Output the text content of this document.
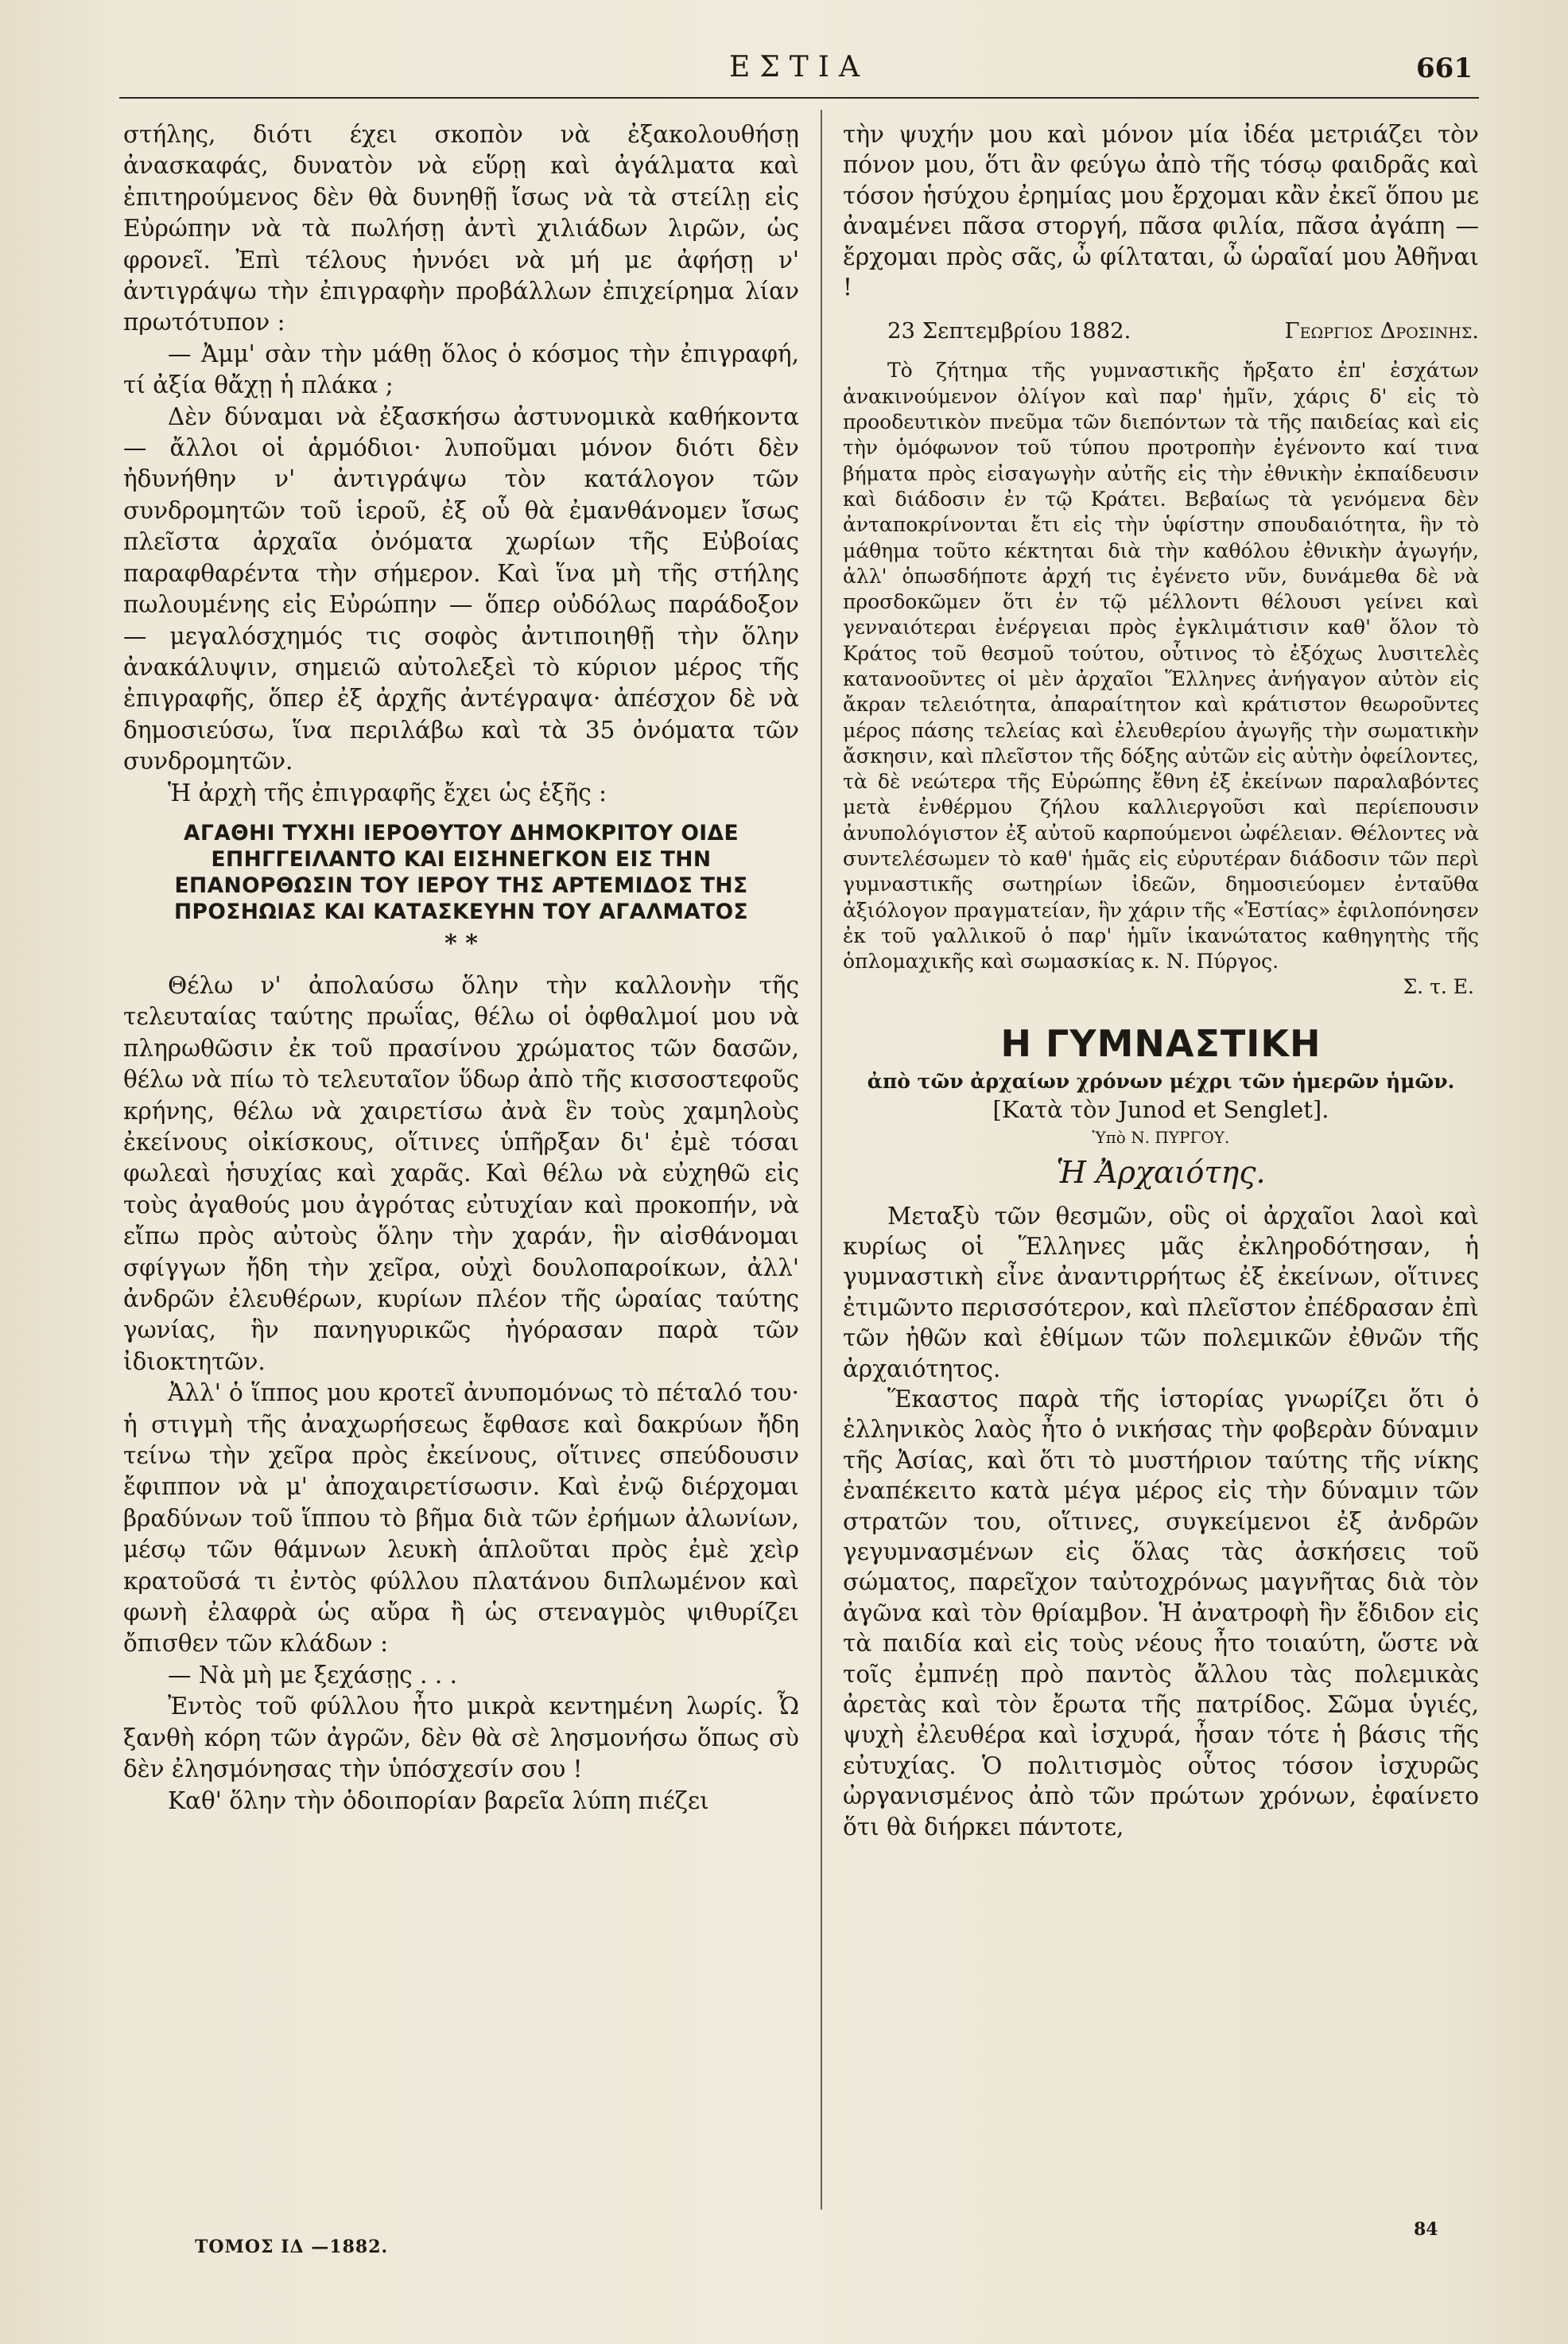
ΕΣΤΙΑ	661

στήλης, διότι έχει σκοπὸν νὰ ἐξακολουθήσῃ ἀνασκαφάς, δυνατὸν νὰ εὕρῃ καὶ ἀγάλματα καὶ ἐπιτηρούμενος δὲν θὰ δυνηθῇ ἴσως νὰ τὰ στείλῃ εἰς Εὐρώπην νὰ τὰ πωλήσῃ ἀντὶ χιλιάδων λιρῶν, ὡς φρονεῖ. Ἐπὶ τέλους ἠννόει νὰ μή με ἀφήσῃ ν' ἀντιγράψω τὴν ἐπιγραφὴν προβάλλων ἐπιχείρημα λίαν πρωτότυπον :

— Ἀμμ' σὰν τὴν μάθῃ ὅλος ὁ κόσμος τὴν ἐπιγραφή, τί ἀξία θἄχῃ ἡ πλάκα ;

Δὲν δύναμαι νὰ ἐξασκήσω ἀστυνομικὰ καθήκοντα — ἄλλοι οἱ ἁρμόδιοι· λυποῦμαι μόνον διότι δὲν ἠδυνήθην ν' ἀντιγράψω τὸν κατάλογον τῶν συνδρομητῶν τοῦ ἱεροῦ, ἐξ οὗ θὰ ἐμανθάνομεν ἴσως πλεῖστα ἀρχαῖα ὀνόματα χωρίων τῆς Εὐβοίας παραφθαρέντα τὴν σήμερον. Καὶ ἵνα μὴ τῆς στήλης πωλουμένης εἰς Εὐρώπην — ὅπερ οὐδόλως παράδοξον — μεγαλόσχημός τις σοφὸς ἀντιποιηθῇ τὴν ὅλην ἀνακάλυψιν, σημειῶ αὐτολεξεὶ τὸ κύριον μέρος τῆς ἐπιγραφῆς, ὅπερ ἐξ ἀρχῆς ἀντέγραψα· ἀπέσχον δὲ νὰ δημοσιεύσω, ἵνα περιλάβω καὶ τὰ 35 ὀνόματα τῶν συνδρομητῶν.

Ἡ ἀρχὴ τῆς ἐπιγραφῆς ἔχει ὡς ἑξῆς :

ΑΓΑΘΗΙ ΤΥΧΗΙ ΙΕΡΟΘΥΤΟΥ ΔΗΜΟΚΡΙΤΟΥ ΟΙΔΕ ΕΠΗΓΓΕΙΛΑΝΤΟ ΚΑΙ ΕΙΣΗΝΕΓΚΟΝ ΕΙΣ ΤΗΝ ΕΠΑΝΟΡΘΩΣΙΝ ΤΟΥ ΙΕΡΟΥ ΤΗΣ ΑΡΤΕΜΙΔΟΣ ΤΗΣ ΠΡΟΣΗΩΙΑΣ ΚΑΙ ΚΑΤΑΣΚΕΥΗΝ ΤΟΥ ΑΓΑΛΜΑΤΟΣ
* *

Θέλω ν' ἀπολαύσω ὅλην τὴν καλλονὴν τῆς τελευταίας ταύτης πρωΐας, θέλω οἱ ὀφθαλμοί μου νὰ πληρωθῶσιν ἐκ τοῦ πρασίνου χρώματος τῶν δασῶν, θέλω νὰ πίω τὸ τελευταῖον ὕδωρ ἀπὸ τῆς κισσοστεφοῦς κρήνης, θέλω νὰ χαιρετίσω ἀνὰ ἓν τοὺς χαμηλοὺς ἐκείνους οἰκίσκους, οἵτινες ὑπῆρξαν δι' ἐμὲ τόσαι φωλεαὶ ἡσυχίας καὶ χαρᾶς. Καὶ θέλω νὰ εὐχηθῶ εἰς τοὺς ἀγαθούς μου ἀγρότας εὐτυχίαν καὶ προκοπήν, νὰ εἴπω πρὸς αὐτοὺς ὅλην τὴν χαράν, ἣν αἰσθάνομαι σφίγγων ἤδη τὴν χεῖρα, οὐχὶ δουλοπαροίκων, ἀλλ' ἀνδρῶν ἐλευθέρων, κυρίων πλέον τῆς ὡραίας ταύτης γωνίας, ἣν πανηγυρικῶς ἠγόρασαν παρὰ τῶν ἰδιοκτητῶν.

Ἀλλ' ὁ ἵππος μου κροτεῖ ἀνυπομόνως τὸ πέταλό του· ἡ στιγμὴ τῆς ἀναχωρήσεως ἔφθασε καὶ δακρύων ἤδη τείνω τὴν χεῖρα πρὸς ἐκείνους, οἵτινες σπεύδουσιν ἔφιππον νὰ μ' ἀποχαιρετίσωσιν. Καὶ ἐνῷ διέρχομαι βραδύνων τοῦ ἵππου τὸ βῆμα διὰ τῶν ἐρήμων ἀλωνίων, μέσῳ τῶν θάμνων λευκὴ ἁπλοῦται πρὸς ἐμὲ χεὶρ κρατοῦσά τι ἐντὸς φύλλου πλατάνου διπλωμένον καὶ φωνὴ ἐλαφρὰ ὡς αὔρα ἢ ὡς στεναγμὸς ψιθυρίζει ὄπισθεν τῶν κλάδων :

— Νὰ μὴ με ξεχάσῃς . . .

Ἐντὸς τοῦ φύλλου ἦτο μικρὰ κεντημένη λωρίς. Ὦ ξανθὴ κόρη τῶν ἀγρῶν, δὲν θὰ σὲ λησμονήσω ὅπως σὺ δὲν ἐλησμόνησας τὴν ὑπόσχεσίν σου !

Καθ' ὅλην τὴν ὁδοιπορίαν βαρεῖα λύπη πιέζει

τὴν ψυχήν μου καὶ μόνον μία ἰδέα μετριάζει τὸν πόνον μου, ὅτι ἂν φεύγω ἀπὸ τῆς τόσῳ φαιδρᾶς καὶ τόσον ἡσύχου ἐρημίας μου ἔρχομαι κἂν ἐκεῖ ὅπου με ἀναμένει πᾶσα στοργή, πᾶσα φιλία, πᾶσα ἀγάπη — ἔρχομαι πρὸς σᾶς, ὦ φίλταται, ὦ ὡραῖαί μου Ἀθῆναι !

23 Σεπτεμβρίου 1882.	Γεωργιος Δροσινης.

Τὸ ζήτημα τῆς γυμναστικῆς ἤρξατο ἐπ' ἐσχάτων ἀνακινούμενον ὀλίγον καὶ παρ' ἡμῖν, χάρις δ' εἰς τὸ προοδευτικὸν πνεῦμα τῶν διεπόντων τὰ τῆς παιδείας καὶ εἰς τὴν ὁμόφωνον τοῦ τύπου προτροπὴν ἐγένοντο καί τινα βήματα πρὸς εἰσαγωγὴν αὐτῆς εἰς τὴν ἐθνικὴν ἐκπαίδευσιν καὶ διάδοσιν ἐν τῷ Κράτει. Βεβαίως τὰ γενόμενα δὲν ἀνταποκρίνονται ἔτι εἰς τὴν ὑφίστην σπουδαιότητα, ἣν τὸ μάθημα τοῦτο κέκτηται διὰ τὴν καθόλου ἐθνικὴν ἀγωγήν, ἀλλ' ὁπωσδήποτε ἀρχή τις ἐγένετο νῦν, δυνάμεθα δὲ νὰ προσδοκῶμεν ὅτι ἐν τῷ μέλλοντι θέλουσι γείνει καὶ γενναιότεραι ἐνέργειαι πρὸς ἐγκλιμάτισιν καθ' ὅλον τὸ Κράτος τοῦ θεσμοῦ τούτου, οὗτινος τὸ ἐξόχως λυσιτελὲς κατανοοῦντες οἱ μὲν ἀρχαῖοι Ἕλληνες ἀνήγαγον αὐτὸν εἰς ἄκραν τελειότητα, ἀπαραίτητον καὶ κράτιστον θεωροῦντες μέρος πάσης τελείας καὶ ἐλευθερίου ἀγωγῆς τὴν σωματικὴν ἄσκησιν, καὶ πλεῖστον τῆς δόξης αὐτῶν εἰς αὐτὴν ὀφείλοντες, τὰ δὲ νεώτερα τῆς Εὐρώπης ἔθνη ἐξ ἐκείνων παραλαβόντες μετὰ ἐνθέρμου ζήλου καλλιεργοῦσι καὶ περίεπουσιν ἀνυπολόγιστον ἐξ αὐτοῦ καρπούμενοι ὠφέλειαν. Θέλοντες νὰ συντελέσωμεν τὸ καθ' ἡμᾶς εἰς εὐρυτέραν διάδοσιν τῶν περὶ γυμναστικῆς σωτηρίων ἰδεῶν, δημοσιεύομεν ἐνταῦθα ἀξιόλογον πραγματείαν, ἣν χάριν τῆς «Ἑστίας» ἐφιλοπόνησεν ἐκ τοῦ γαλλικοῦ ὁ παρ' ἡμῖν ἱκανώτατος καθηγητὴς τῆς ὁπλομαχικῆς καὶ σωμασκίας κ. Ν. Πύργος.

Σ. τ. Ε.
Η ΓΥΜΝΑΣΤΙΚΗ
ἀπὸ τῶν ἀρχαίων χρόνων μέχρι τῶν ἡμερῶν ἡμῶν.
[Κατὰ τὸν Junod et Senglet].
Ὑπὸ Ν. ΠΥΡΓΟΥ.
Ἡ Ἀρχαιότης.

Μεταξὺ τῶν θεσμῶν, οὓς οἱ ἀρχαῖοι λαοὶ καὶ κυρίως οἱ Ἕλληνες μᾶς ἐκληροδότησαν, ἡ γυμναστικὴ εἶνε ἀναντιρρήτως ἐξ ἐκείνων, οἵτινες ἐτιμῶντο περισσότερον, καὶ πλεῖστον ἐπέδρασαν ἐπὶ τῶν ἠθῶν καὶ ἐθίμων τῶν πολεμικῶν ἐθνῶν τῆς ἀρχαιότητος.

Ἕκαστος παρὰ τῆς ἱστορίας γνωρίζει ὅτι ὁ ἑλληνικὸς λαὸς ἦτο ὁ νικήσας τὴν φοβερὰν δύναμιν τῆς Ἀσίας, καὶ ὅτι τὸ μυστήριον ταύτης τῆς νίκης ἐναπέκειτο κατὰ μέγα μέρος εἰς τὴν δύναμιν τῶν στρατῶν του, οἵτινες, συγκείμενοι ἐξ ἀνδρῶν γεγυμνασμένων εἰς ὅλας τὰς ἀσκήσεις τοῦ σώματος, παρεῖχον ταὐτοχρόνως μαγνῆτας διὰ τὸν ἀγῶνα καὶ τὸν θρίαμβον. Ἡ ἀνατροφὴ ἣν ἔδιδον εἰς τὰ παιδία καὶ εἰς τοὺς νέους ἦτο τοιαύτη, ὥστε νὰ τοῖς ἐμπνέῃ πρὸ παντὸς ἄλλου τὰς πολεμικὰς ἀρετὰς καὶ τὸν ἔρωτα τῆς πατρίδος. Σῶμα ὑγιές, ψυχὴ ἐλευθέρα καὶ ἰσχυρά, ἦσαν τότε ἡ βάσις τῆς εὐτυχίας. Ὁ πολιτισμὸς οὗτος τόσον ἰσχυρῶς ὠργανισμένος ἀπὸ τῶν πρώτων χρόνων, ἐφαίνετο ὅτι θὰ διήρκει πάντοτε,

ΤΟΜΟΣ ΙΔ —1882.
84
